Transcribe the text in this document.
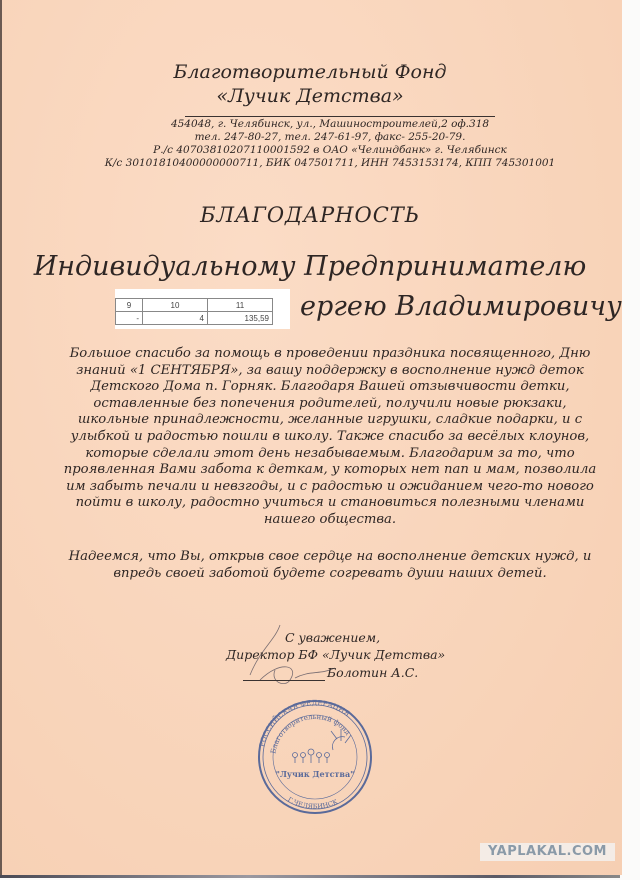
Благотворительный Фонд
«Лучик Детства»
454048, г. Челябинск, ул., Машиностроителей,2 оф.318
тел. 247-80-27, тел. 247-61-97, факс- 255-20-79.
Р./с 40703810207110001592 в ОАО «Челиндбанк» г. Челябинск
К/с 30101810400000000711, БИК 047501711, ИНН 7453153174, КПП 745301001
БЛАГОДАРНОСТЬ
Индивидуальному Предпринимателю
ергею Владимировичу
9	10	11
-	4	135,59
Большое спасибо за помощь в проведении праздника посвященного, Дню знаний «1 СЕНТЯБРЯ», за вашу поддержку в восполнение нужд деток Детского Дома п. Горняк. Благодаря Вашей отзывчивости детки, оставленные без попечения родителей, получили новые рюкзаки, школьные принадлежности, желанные игрушки, сладкие подарки, и с улыбкой и радостью пошли в школу. Также спасибо за весёлых клоунов, которые сделали этот день незабываемым. Благодарим за то, что проявленная Вами забота к деткам, у которых нет пап и мам, позволила им забыть печали и невзгоды, и с радостью и ожиданием чего-то нового пойти в школу, радостно учиться и становиться полезными членами нашего общества.
Надеемся, что Вы, открыв свое сердце на восполнение детских нужд, и впредь своей заботой будете согревать души наших детей.
С уважением,
Директор БФ «Лучик Детства»
Болотин А.С.
РОССИЙСКАЯ ФЕДЕРАЦИЯ
Благотворительный фонд
"Лучик Детства"
Г.ЧЕЛЯБИНСК
YAPLAKAL.COM
